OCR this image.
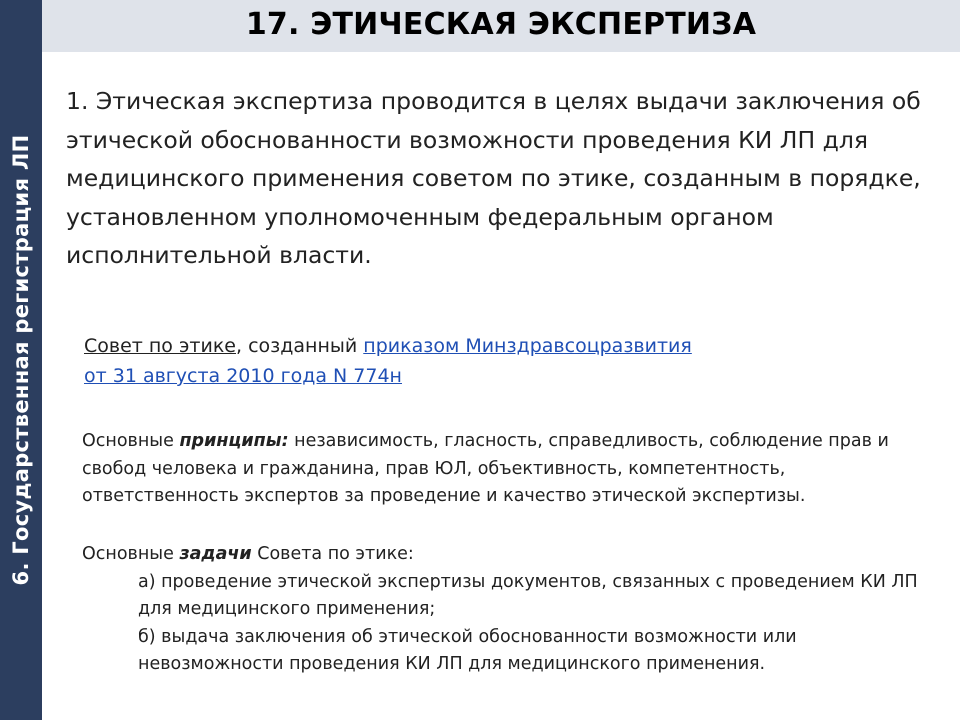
6. Государственная регистрация ЛП
17. ЭТИЧЕСКАЯ ЭКСПЕРТИЗА
1. Этическая экспертиза проводится в целях выдачи заключения об этической обоснованности возможности проведения КИ ЛП для медицинского применения советом по этике, созданным в порядке, установленном уполномоченным федеральным органом исполнительной власти.
Совет по этике, созданный приказом Минздравсоцразвития
от 31 августа 2010 года N 774н
Основные принципы: независимость, гласность, справедливость, соблюдение прав и свобод человека и гражданина, прав ЮЛ, объективность, компетентность, ответственность экспертов за проведение и качество этической экспертизы.
Основные задачи Совета по этике:
а) проведение этической экспертизы документов, связанных с проведением КИ ЛП для медицинского применения;
б) выдача заключения об этической обоснованности возможности или невозможности проведения КИ ЛП для медицинского применения.
